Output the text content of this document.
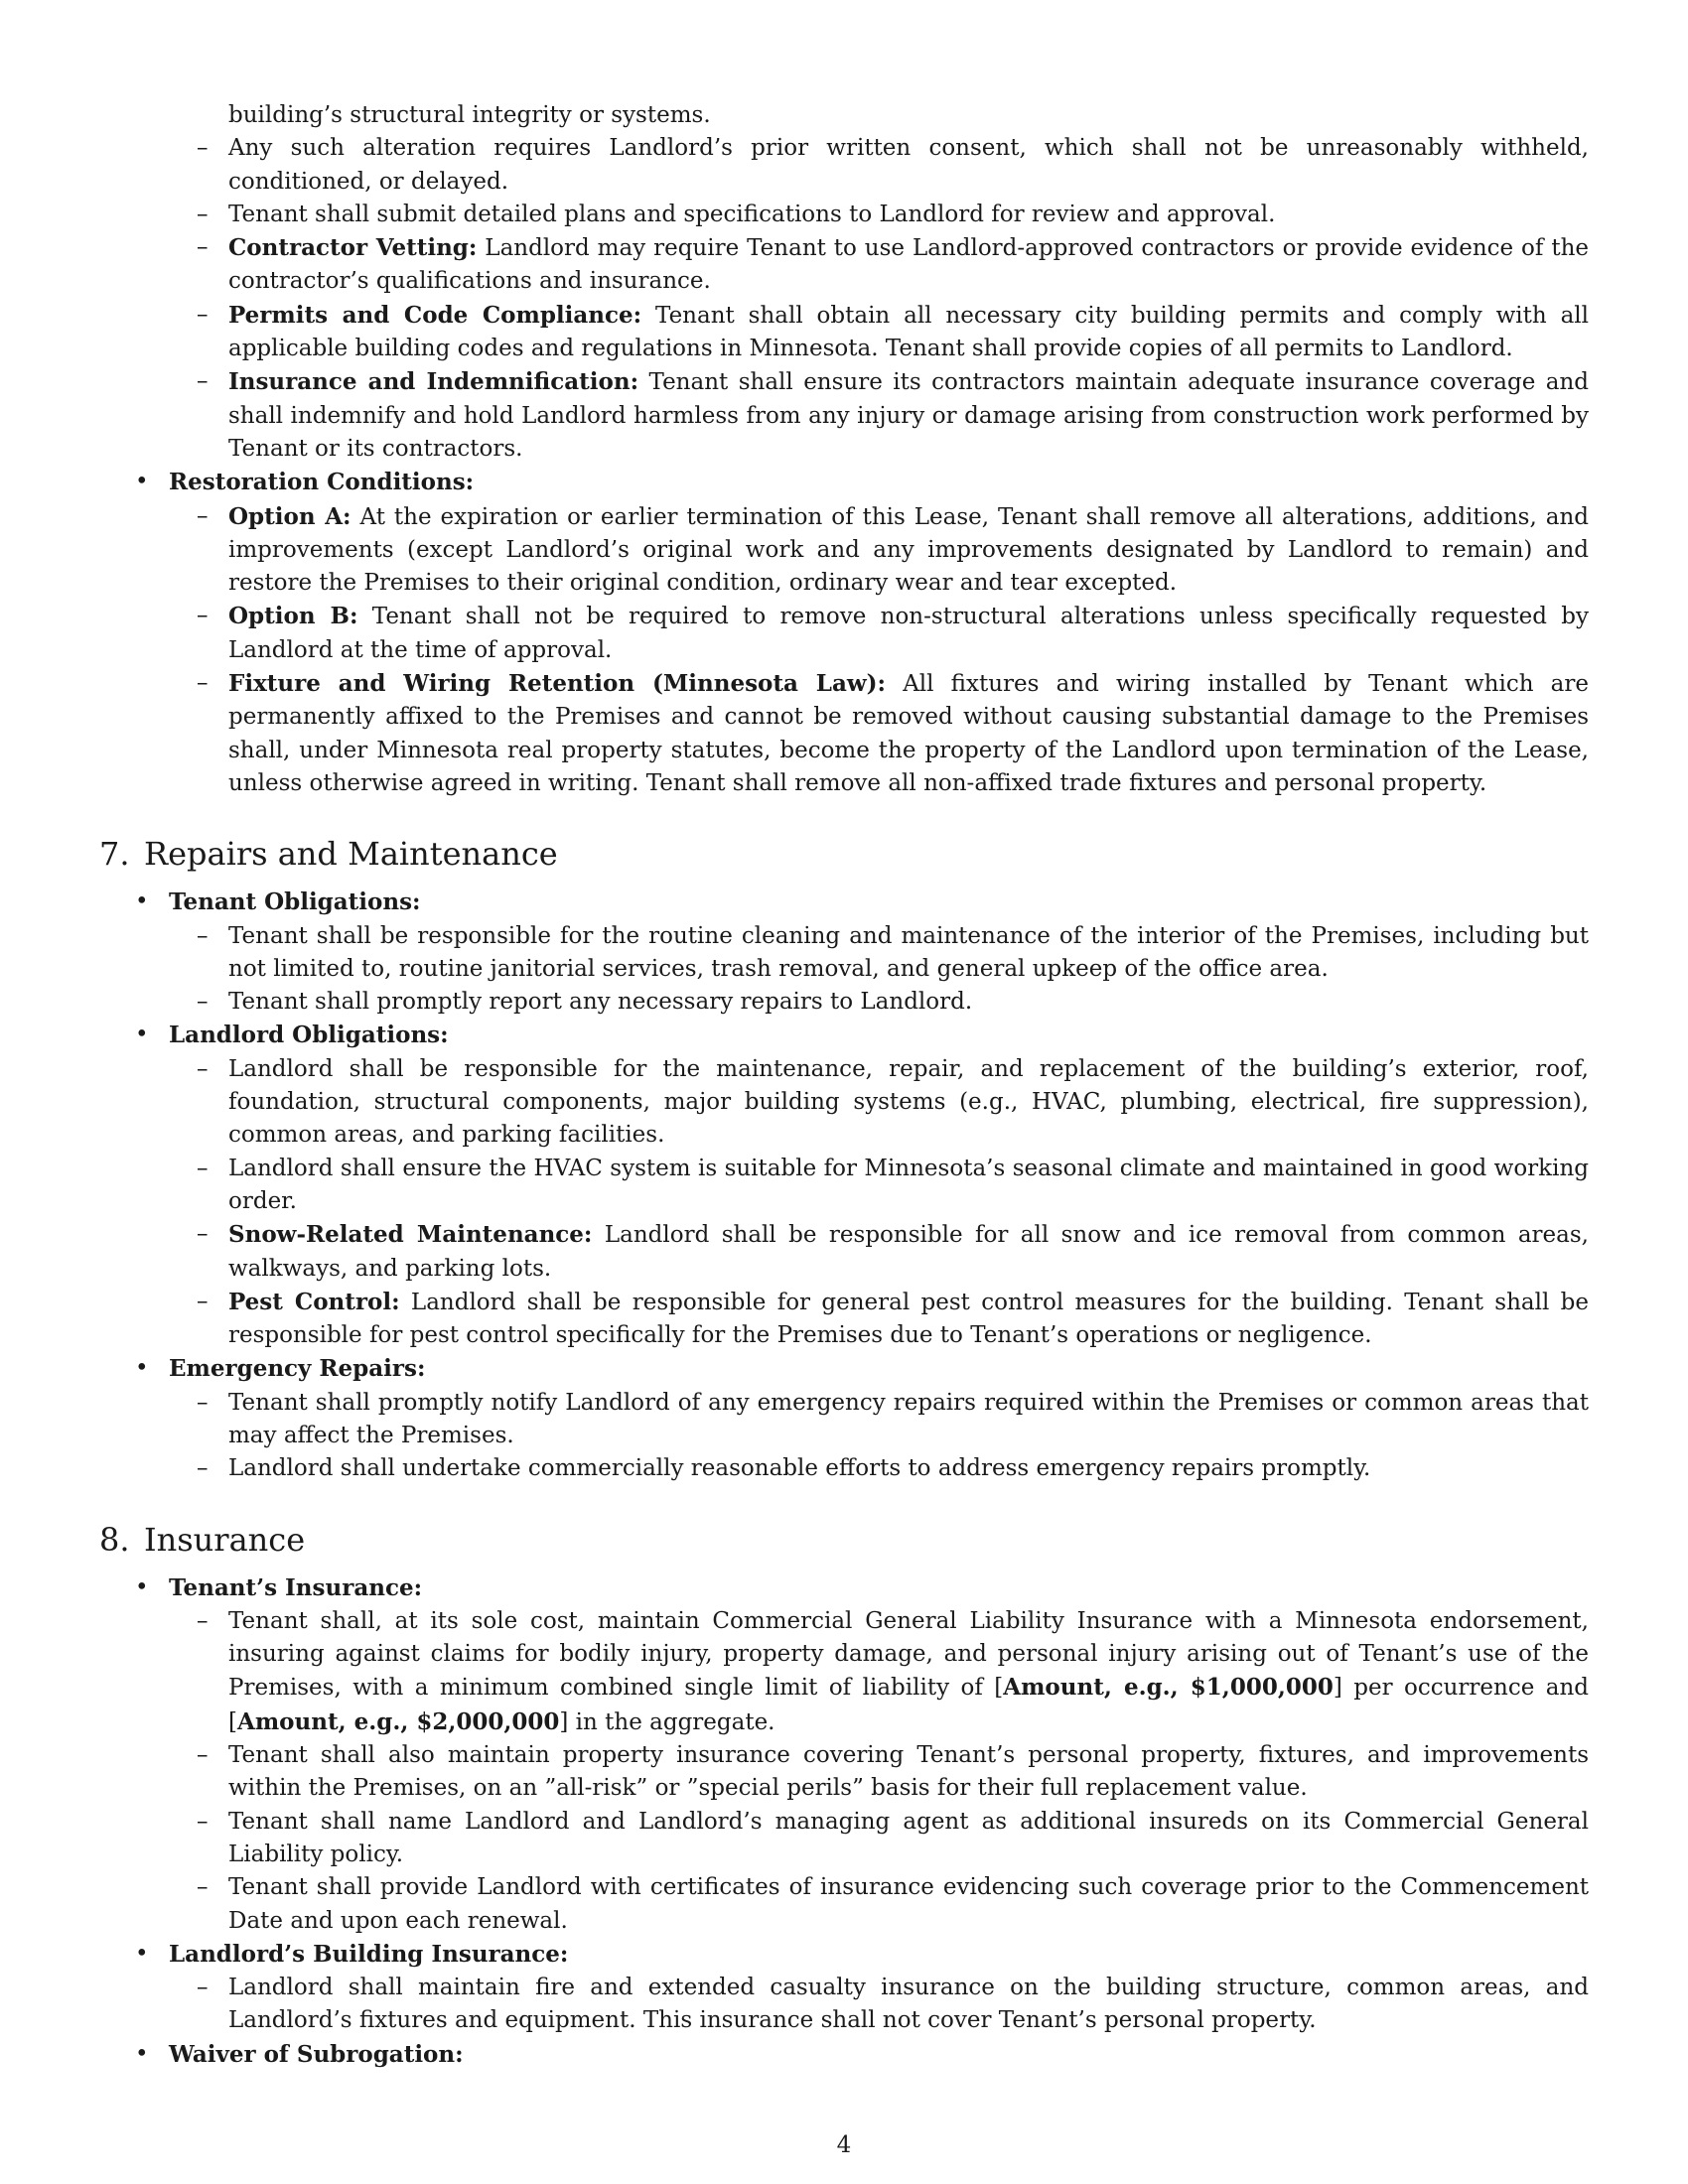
building’s structural integrity or systems.
– Any such alteration requires Landlord’s prior written consent, which shall not be unreasonably withheld, conditioned, or delayed.
– Tenant shall submit detailed plans and specifications to Landlord for review and approval.
– Contractor Vetting: Landlord may require Tenant to use Landlord-approved contractors or provide evidence of the contractor’s qualifications and insurance.
– Permits and Code Compliance: Tenant shall obtain all necessary city building permits and comply with all applicable building codes and regulations in Minnesota. Tenant shall provide copies of all permits to Landlord.
– Insurance and Indemnification: Tenant shall ensure its contractors maintain adequate insurance coverage and shall indemnify and hold Landlord harmless from any injury or damage arising from construction work performed by Tenant or its contractors.
• Restoration Conditions:
– Option A: At the expiration or earlier termination of this Lease, Tenant shall remove all alterations, additions, and improvements (except Landlord’s original work and any improvements designated by Landlord to remain) and restore the Premises to their original condition, ordinary wear and tear excepted.
– Option B: Tenant shall not be required to remove non-structural alterations unless specifically requested by Landlord at the time of approval.
– Fixture and Wiring Retention (Minnesota Law): All fixtures and wiring installed by Tenant which are permanently affixed to the Premises and cannot be removed without causing substantial damage to the Premises shall, under Minnesota real property statutes, become the property of the Landlord upon termination of the Lease, unless otherwise agreed in writing. Tenant shall remove all non-affixed trade fixtures and personal property.
7. Repairs and Maintenance
• Tenant Obligations:
– Tenant shall be responsible for the routine cleaning and maintenance of the interior of the Premises, including but not limited to, routine janitorial services, trash removal, and general upkeep of the office area.
– Tenant shall promptly report any necessary repairs to Landlord.
• Landlord Obligations:
– Landlord shall be responsible for the maintenance, repair, and replacement of the building’s exterior, roof, foundation, structural components, major building systems (e.g., HVAC, plumbing, electrical, fire suppression), common areas, and parking facilities.
– Landlord shall ensure the HVAC system is suitable for Minnesota’s seasonal climate and maintained in good working order.
– Snow-Related Maintenance: Landlord shall be responsible for all snow and ice removal from common areas, walkways, and parking lots.
– Pest Control: Landlord shall be responsible for general pest control measures for the building. Tenant shall be responsible for pest control specifically for the Premises due to Tenant’s operations or negligence.
• Emergency Repairs:
– Tenant shall promptly notify Landlord of any emergency repairs required within the Premises or common areas that may affect the Premises.
– Landlord shall undertake commercially reasonable efforts to address emergency repairs promptly.
8. Insurance
• Tenant’s Insurance:
– Tenant shall, at its sole cost, maintain Commercial General Liability Insurance with a Minnesota endorsement, insuring against claims for bodily injury, property damage, and personal injury arising out of Tenant’s use of the Premises, with a minimum combined single limit of liability of [Amount, e.g., $1,000,000] per occurrence and [Amount, e.g., $2,000,000] in the aggregate.
– Tenant shall also maintain property insurance covering Tenant’s personal property, fixtures, and improvements within the Premises, on an ”all-risk” or ”special perils” basis for their full replacement value.
– Tenant shall name Landlord and Landlord’s managing agent as additional insureds on its Commercial General Liability policy.
– Tenant shall provide Landlord with certificates of insurance evidencing such coverage prior to the Commencement Date and upon each renewal.
• Landlord’s Building Insurance:
– Landlord shall maintain fire and extended casualty insurance on the building structure, common areas, and Landlord’s fixtures and equipment. This insurance shall not cover Tenant’s personal property.
• Waiver of Subrogation:
4
